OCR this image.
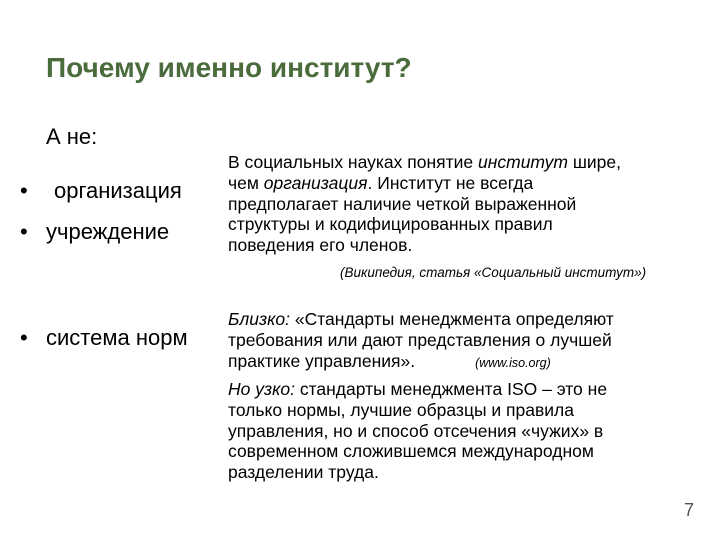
Почему именно институт?
А не:
• организация
• учреждение
• система норм
В социальных науках понятие институт шире,
чем организация. Институт не всегда
предполагает наличие четкой выраженной
структуры и кодифицированных правил
поведения его членов.
(Википедия, статья «Социальный институт»)
Близко: «Стандарты менеджмента определяют
требования или дают представления о лучшей
практике управления».	(www.iso.org)
Но узко: стандарты менеджмента ISO – это не
только нормы, лучшие образцы и правила
управления, но и способ отсечения «чужих» в
современном сложившемся международном
разделении труда.
7
